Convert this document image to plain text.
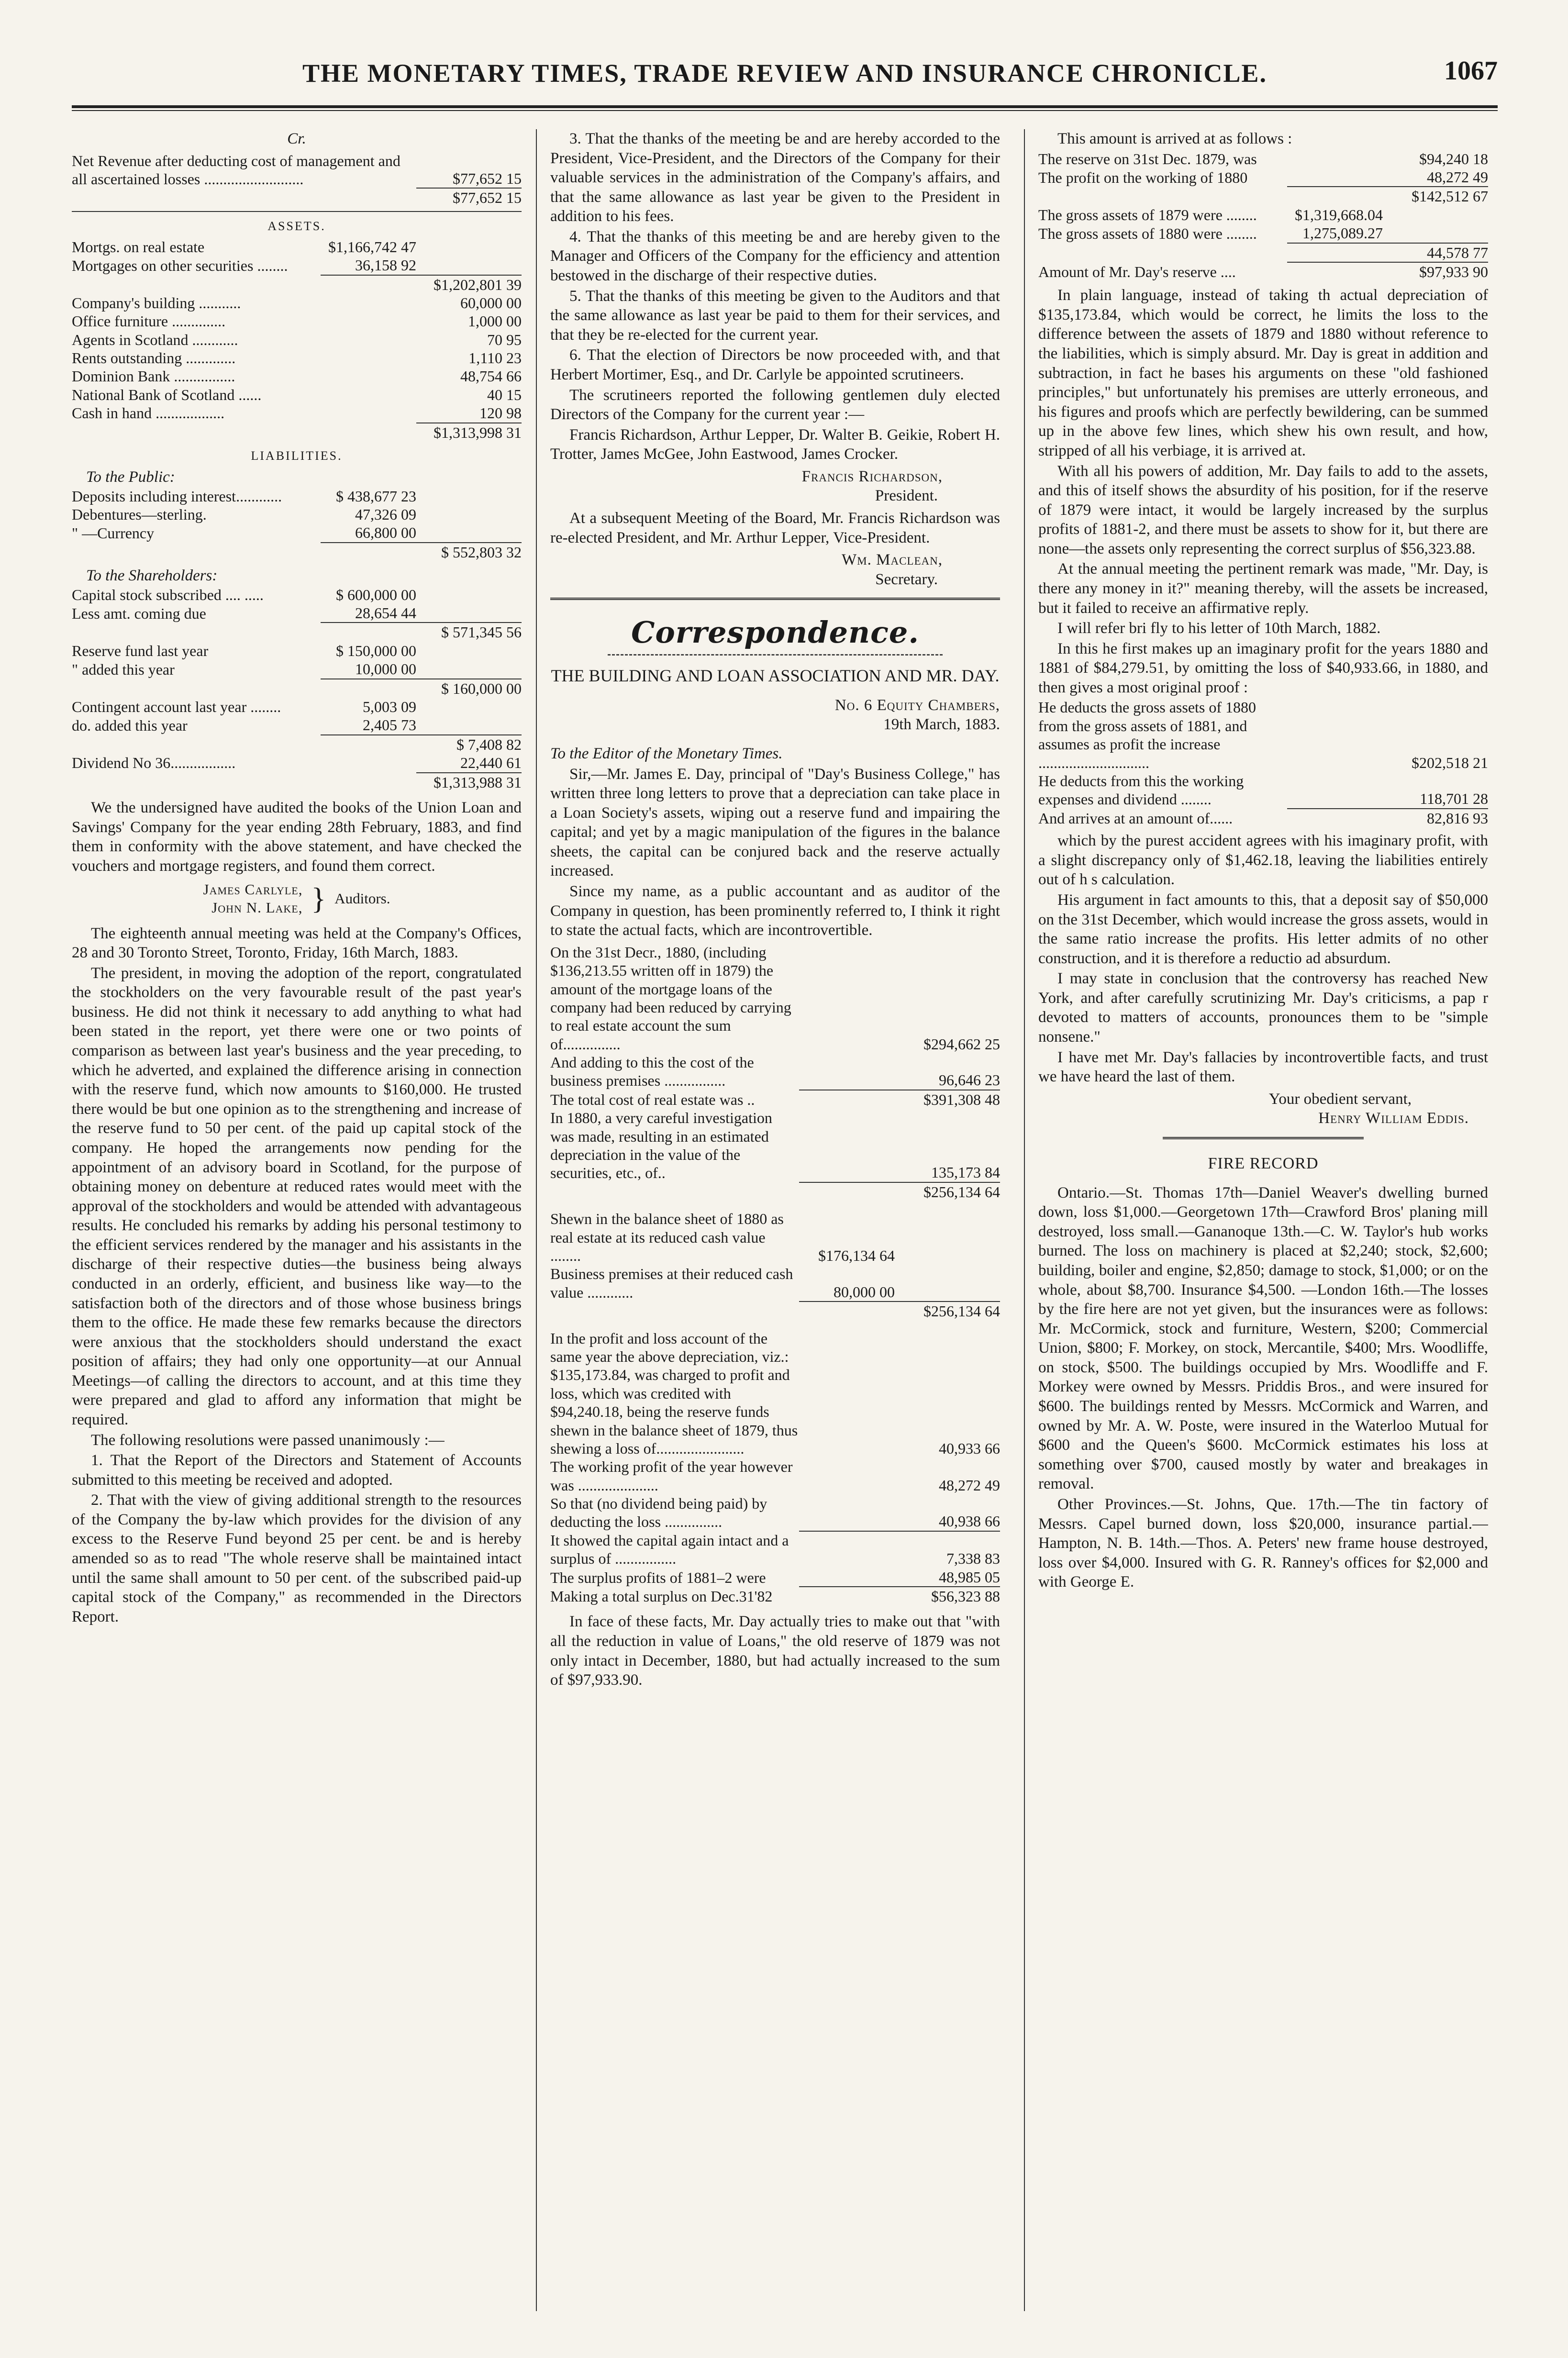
THE MONETARY TIMES, TRADE REVIEW AND INSURANCE CHRONICLE.	1067
Cr.
Net Revenue after deducting cost of management and all ascertained losses ..........................	$77,652 15
	$77,652 15
ASSETS.
Mortgs. on real estate	$1,166,742 47	
Mortgages on other securities ........	36,158 92	
		$1,202,801 39
Company's building ...........		60,000 00
Office furniture ..............		1,000 00
Agents in Scotland ............		70 95
Rents outstanding .............		1,110 23
Dominion Bank ................		48,754 66
National Bank of Scotland ......		40 15
Cash in hand ..................		120 98
	$1,313,998 31
LIABILITIES.
To the Public:
Deposits including interest............	$ 438,677 23	
Debentures—sterling.	47,326 09	
" —Currency	66,800 00	
		$ 552,803 32
To the Shareholders:
Capital stock subscribed .... .....	$ 600,000 00	
Less amt. coming due	28,654 44	
		$ 571,345 56
Reserve fund last year	$ 150,000 00	
" added this year	10,000 00	
		$ 160,000 00
Contingent account last year ........	5,003 09	
do. added this year	2,405 73	
		$ 7,408 82
Dividend No 36.................		22,440 61
	$1,313,988 31

We the undersigned have audited the books of the Union Loan and Savings' Company for the year ending 28th February, 1883, and find them in conformity with the above statement, and have checked the vouchers and mortgage registers, and found them correct.

James Carlyle,
John N. Lake, } Auditors.

The eighteenth annual meeting was held at the Company's Offices, 28 and 30 Toronto Street, Toronto, Friday, 16th March, 1883.

The president, in moving the adoption of the report, congratulated the stockholders on the very favourable result of the past year's business. He did not think it necessary to add anything to what had been stated in the report, yet there were one or two points of comparison as between last year's business and the year preceding, to which he adverted, and explained the difference arising in connection with the reserve fund, which now amounts to $160,000. He trusted there would be but one opinion as to the strengthening and increase of the reserve fund to 50 per cent. of the paid up capital stock of the company. He hoped the arrangements now pending for the appointment of an advisory board in Scotland, for the purpose of obtaining money on debenture at reduced rates would meet with the approval of the stockholders and would be attended with advantageous results. He concluded his remarks by adding his personal testimony to the efficient services rendered by the manager and his assistants in the discharge of their respective duties—the business being always conducted in an orderly, efficient, and business like way—to the satisfaction both of the directors and of those whose business brings them to the office. He made these few remarks because the directors were anxious that the stockholders should understand the exact position of affairs; they had only one opportunity—at our Annual Meetings—of calling the directors to account, and at this time they were prepared and glad to afford any information that might be required.

The following resolutions were passed unanimously :—

1. That the Report of the Directors and Statement of Accounts submitted to this meeting be received and adopted.

2. That with the view of giving additional strength to the resources of the Company the by-law which provides for the division of any excess to the Reserve Fund beyond 25 per cent. be and is hereby amended so as to read "The whole reserve shall be maintained intact until the same shall amount to 50 per cent. of the subscribed paid-up capital stock of the Company," as recommended in the Directors Report.

3. That the thanks of the meeting be and are hereby accorded to the President, Vice-President, and the Directors of the Company for their valuable services in the administration of the Company's affairs, and that the same allowance as last year be given to the President in addition to his fees.

4. That the thanks of this meeting be and are hereby given to the Manager and Officers of the Company for the efficiency and attention bestowed in the discharge of their respective duties.

5. That the thanks of this meeting be given to the Auditors and that the same allowance as last year be paid to them for their services, and that they be re-elected for the current year.

6. That the election of Directors be now proceeded with, and that Herbert Mortimer, Esq., and Dr. Carlyle be appointed scrutineers.

The scrutineers reported the following gentlemen duly elected Directors of the Company for the current year :—

Francis Richardson, Arthur Lepper, Dr. Walter B. Geikie, Robert H. Trotter, James McGee, John Eastwood, James Crocker.

Francis Richardson,
President.

At a subsequent Meeting of the Board, Mr. Francis Richardson was re-elected President, and Mr. Arthur Lepper, Vice-President.

Wm. Maclean,
Secretary.
Correspondence.
THE BUILDING AND LOAN ASSOCIATION AND MR. DAY.
No. 6 Equity Chambers,
19th March, 1883.

To the Editor of the Monetary Times.

Sir,—Mr. James E. Day, principal of "Day's Business College," has written three long letters to prove that a depreciation can take place in a Loan Society's assets, wiping out a reserve fund and impairing the capital; and yet by a magic manipulation of the figures in the balance sheets, the capital can be conjured back and the reserve actually increased.

Since my name, as a public accountant and as auditor of the Company in question, has been prominently referred to, I think it right to state the actual facts, which are incontrovertible.

On the 31st Decr., 1880, (including $136,213.55 written off in 1879) the amount of the mortgage loans of the company had been reduced by carrying to real estate account the sum of...............		$294,662 25
And adding to this the cost of the business premises ................		96,646 23
The total cost of real estate was ..		$391,308 48
In 1880, a very careful investigation was made, resulting in an estimated depreciation in the value of the securities, etc., of..		135,173 84
		$256,134 64
Shewn in the balance sheet of 1880 as real estate at its reduced cash value ........	$176,134 64	
Business premises at their reduced cash value ............	80,000 00	
		$256,134 64
In the profit and loss account of the same year the above depreciation, viz.: $135,173.84, was charged to profit and loss, which was credited with $94,240.18, being the reserve funds shewn in the balance sheet of 1879, thus shewing a loss of.......................		40,933 66
The working profit of the year however was .....................		48,272 49
So that (no dividend being paid) by deducting the loss ...............		40,938 66
It showed the capital again intact and a surplus of ................		7,338 83
The surplus profits of 1881–2 were		48,985 05
Making a total surplus on Dec.31'82		$56,323 88

In face of these facts, Mr. Day actually tries to make out that "with all the reduction in value of Loans," the old reserve of 1879 was not only intact in December, 1880, but had actually increased to the sum of $97,933.90.

This amount is arrived at as follows :

The reserve on 31st Dec. 1879, was		$94,240 18
The profit on the working of 1880		48,272 49
		$142,512 67
The gross assets of 1879 were ........	$1,319,668.04	
The gross assets of 1880 were ........	1,275,089.27	
		44,578 77
Amount of Mr. Day's reserve ....		$97,933 90

In plain language, instead of taking th actual depreciation of $135,173.84, which would be correct, he limits the loss to the difference between the assets of 1879 and 1880 without reference to the liabilities, which is simply absurd. Mr. Day is great in addition and subtraction, in fact he bases his arguments on these "old fashioned principles," but unfortunately his premises are utterly erroneous, and his figures and proofs which are perfectly bewildering, can be summed up in the above few lines, which shew his own result, and how, stripped of all his verbiage, it is arrived at.

With all his powers of addition, Mr. Day fails to add to the assets, and this of itself shows the absurdity of his position, for if the reserve of 1879 were intact, it would be largely increased by the surplus profits of 1881-2, and there must be assets to show for it, but there are none—the assets only representing the correct surplus of $56,323.88.

At the annual meeting the pertinent remark was made, "Mr. Day, is there any money in it?" meaning thereby, will the assets be increased, but it failed to receive an affirmative reply.

I will refer bri fly to his letter of 10th March, 1882.

In this he first makes up an imaginary profit for the years 1880 and 1881 of $84,279.51, by omitting the loss of $40,933.66, in 1880, and then gives a most original proof :

He deducts the gross assets of 1880 from the gross assets of 1881, and assumes as profit the increase .............................		$202,518 21
He deducts from this the working expenses and dividend ........		118,701 28
And arrives at an amount of......		82,816 93

which by the purest accident agrees with his imaginary profit, with a slight discrepancy only of $1,462.18, leaving the liabilities entirely out of h s calculation.

His argument in fact amounts to this, that a deposit say of $50,000 on the 31st December, which would increase the gross assets, would in the same ratio increase the profits. His letter admits of no other construction, and it is therefore a reductio ad absurdum.

I may state in conclusion that the controversy has reached New York, and after carefully scrutinizing Mr. Day's criticisms, a pap r devoted to matters of accounts, pronounces them to be "simple nonsene."

I have met Mr. Day's fallacies by incontrovertible facts, and trust we have heard the last of them.

Your obedient servant,
Henry William Eddis.
FIRE RECORD

Ontario.—St. Thomas 17th—Daniel Weaver's dwelling burned down, loss $1,000.—Georgetown 17th—Crawford Bros' planing mill destroyed, loss small.—Gananoque 13th.—C. W. Taylor's hub works burned. The loss on machinery is placed at $2,240; stock, $2,600; building, boiler and engine, $2,850; damage to stock, $1,000; or on the whole, about $8,700. Insurance $4,500. —London 16th.—The losses by the fire here are not yet given, but the insurances were as follows: Mr. McCormick, stock and furniture, Western, $200; Commercial Union, $800; F. Morkey, on stock, Mercantile, $400; Mrs. Woodliffe, on stock, $500. The buildings occupied by Mrs. Woodliffe and F. Morkey were owned by Messrs. Priddis Bros., and were insured for $600. The buildings rented by Messrs. McCormick and Warren, and owned by Mr. A. W. Poste, were insured in the Waterloo Mutual for $600 and the Queen's $600. McCormick estimates his loss at something over $700, caused mostly by water and breakages in removal.

Other Provinces.—St. Johns, Que. 17th.—The tin factory of Messrs. Capel burned down, loss $20,000, insurance partial.—Hampton, N. B. 14th.—Thos. A. Peters' new frame house destroyed, loss over $4,000. Insured with G. R. Ranney's offices for $2,000 and with George E.
